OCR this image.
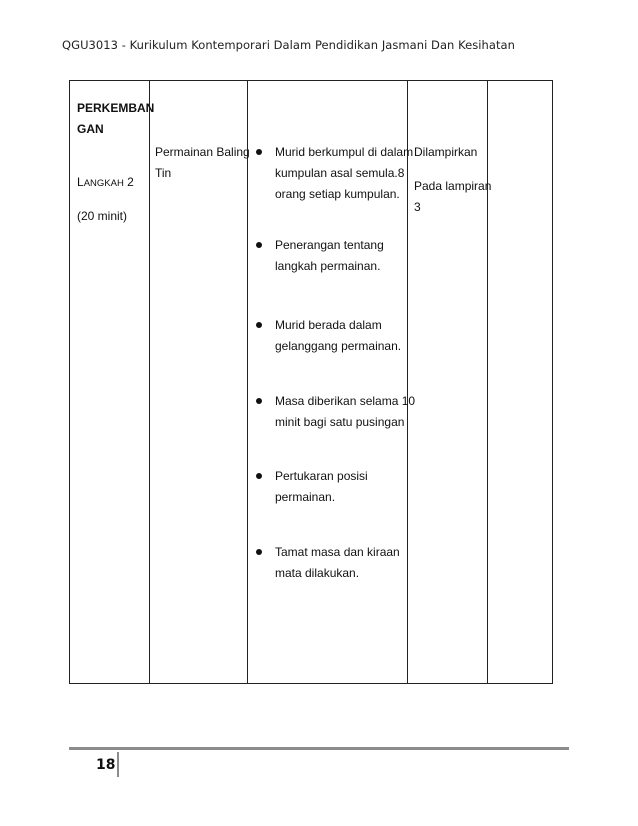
QGU3013 - Kurikulum Kontemporari Dalam Pendidikan Jasmani Dan Kesihatan
PERKEMBAN
GAN
LANGKAH 2
(20 minit)
Permainan Baling
Tin
Murid berkumpul di dalam
kumpulan asal semula.8
orang setiap kumpulan.
Penerangan tentang
langkah permainan.
Murid berada dalam
gelanggang permainan.
Masa diberikan selama 10
minit bagi satu pusingan
Pertukaran posisi
permainan.
Tamat masa dan kiraan
mata dilakukan.
Dilampirkan
Pada lampiran
3
18
